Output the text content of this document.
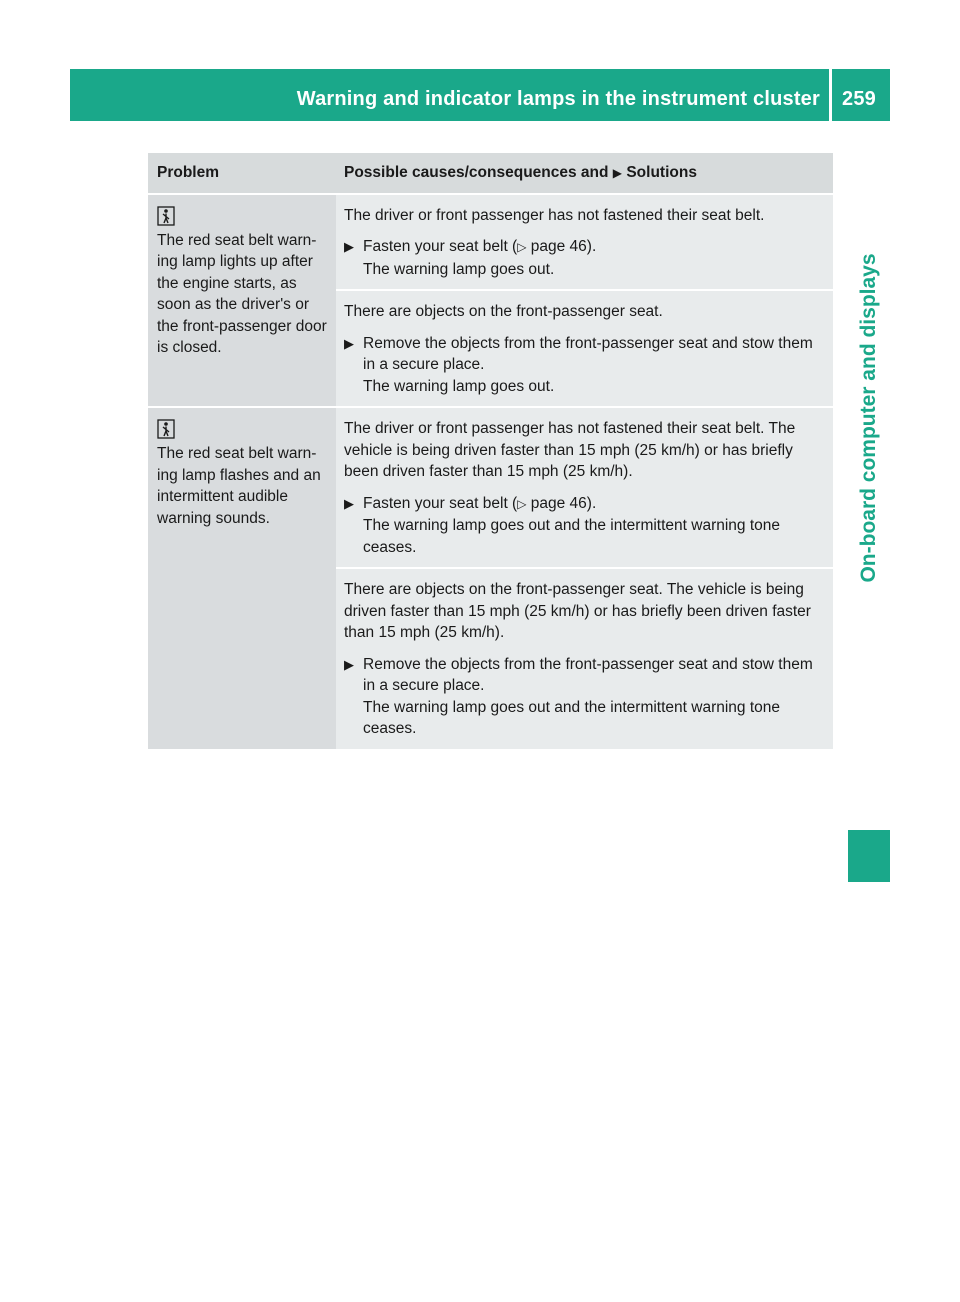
Warning and indicator lamps in the instrument cluster 259
On-board computer and displays
Problem	Possible causes/consequences and ▶ Solutions

The red seat belt warn-ing lamp lights up after the engine starts, as soon as the driver's or the front-passenger door is closed.	The driver or front passenger has not fastened their seat belt.

▶ Fasten your seat belt (▷ page 46).
The warning lamp goes out.

	There are objects on the front-passenger seat.

▶ Remove the objects from the front-passenger seat and stow them in a secure place.
The warning lamp goes out.

The red seat belt warn-ing lamp flashes and an intermittent audible warning sounds.	The driver or front passenger has not fastened their seat belt. The vehicle is being driven faster than 15 mph (25 km/h) or has briefly been driven faster than 15 mph (25 km/h).

▶ Fasten your seat belt (▷ page 46).
The warning lamp goes out and the intermittent warning tone ceases.

	There are objects on the front-passenger seat. The vehicle is being driven faster than 15 mph (25 km/h) or has briefly been driven faster than 15 mph (25 km/h).

▶ Remove the objects from the front-passenger seat and stow them in a secure place.
The warning lamp goes out and the intermittent warning tone ceases.
